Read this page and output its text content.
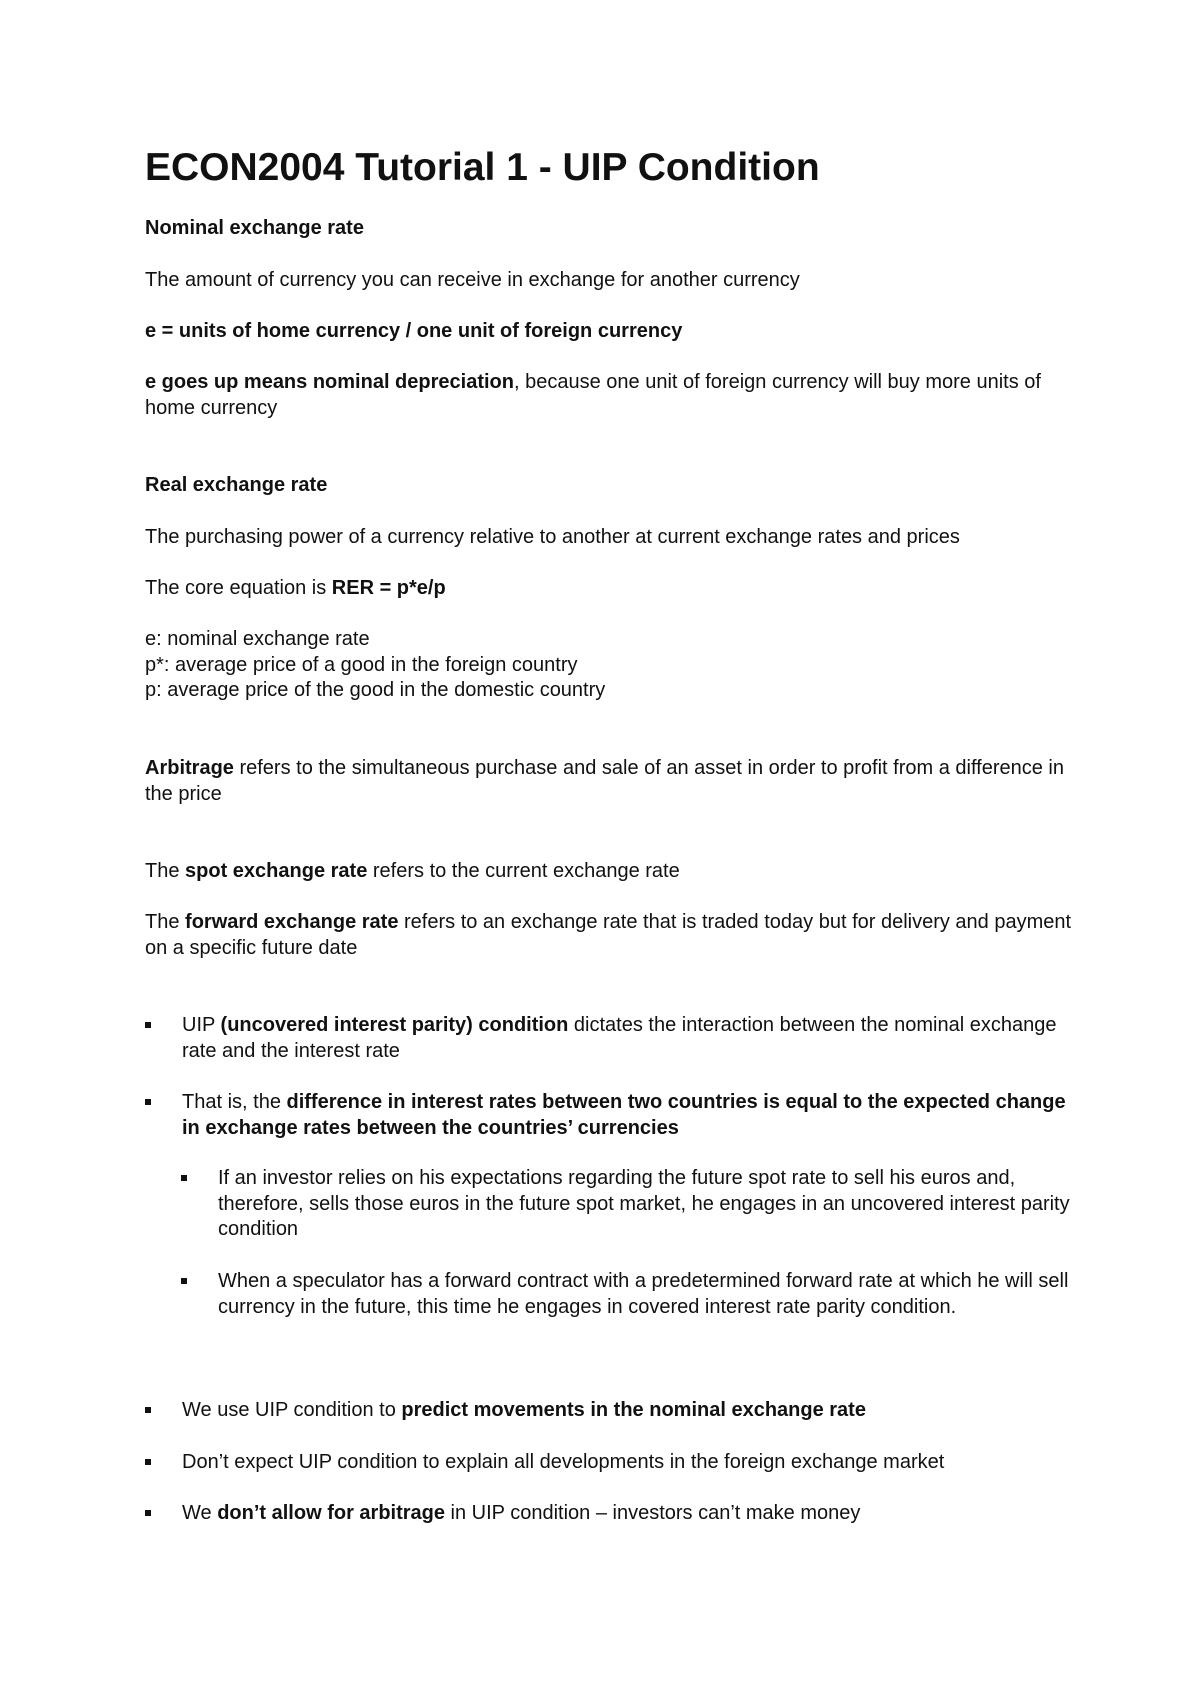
ECON2004 Tutorial 1 - UIP Condition

Nominal exchange rate

The amount of currency you can receive in exchange for another currency

e = units of home currency / one unit of foreign currency

e goes up means nominal depreciation, because one unit of foreign currency will buy more units of home currency

Real exchange rate

The purchasing power of a currency relative to another at current exchange rates and prices

The core equation is RER = p*e/p

e: nominal exchange rate
p*: average price of a good in the foreign country
p: average price of the good in the domestic country

Arbitrage refers to the simultaneous purchase and sale of an asset in order to profit from a difference in the price

The spot exchange rate refers to the current exchange rate

The forward exchange rate refers to an exchange rate that is traded today but for delivery and payment on a specific future date

UIP (uncovered interest parity) condition dictates the interaction between the nominal exchange rate and the interest rate
That is, the difference in interest rates between two countries is equal to the expected change in exchange rates between the countries’ currencies
If an investor relies on his expectations regarding the future spot rate to sell his euros and, therefore, sells those euros in the future spot market, he engages in an uncovered interest parity condition
When a speculator has a forward contract with a predetermined forward rate at which he will sell currency in the future, this time he engages in covered interest rate parity condition.
We use UIP condition to predict movements in the nominal exchange rate
Don’t expect UIP condition to explain all developments in the foreign exchange market
We don’t allow for arbitrage in UIP condition – investors can’t make money
